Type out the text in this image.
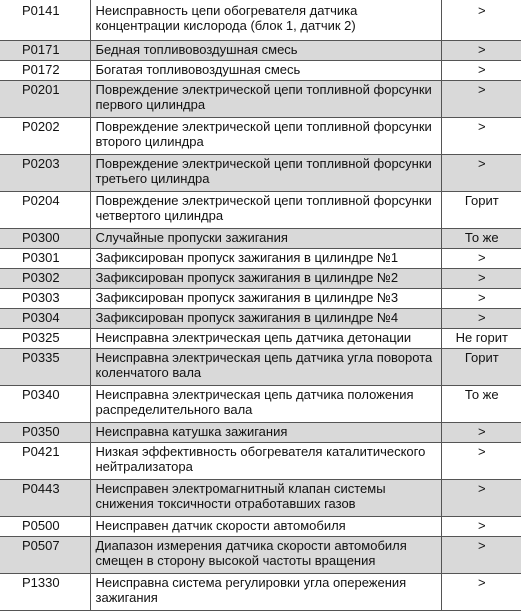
P0141	Неисправность цепи обогревателя датчика концентрации кислорода (блок 1, датчик 2)	>
P0171	Бедная топливовоздушная смесь	>
P0172	Богатая топливовоздушная смесь	>
P0201	Повреждение электрической цепи топливной форсунки первого цилиндра	>
P0202	Повреждение электрической цепи топливной форсунки второго цилиндра	>
P0203	Повреждение электрической цепи топливной форсунки третьего цилиндра	>
P0204	Повреждение электрической цепи топливной форсунки четвертого цилиндра	Горит
P0300	Случайные пропуски зажигания	То же
P0301	Зафиксирован пропуск зажигания в цилиндре №1	>
P0302	Зафиксирован пропуск зажигания в цилиндре №2	>
P0303	Зафиксирован пропуск зажигания в цилиндре №3	>
P0304	Зафиксирован пропуск зажигания в цилиндре №4	>
P0325	Неисправна электрическая цепь датчика детонации	Не горит
P0335	Неисправна электрическая цепь датчика угла поворота коленчатого вала	Горит
P0340	Неисправна электрическая цепь датчика положения распределительного вала	То же
P0350	Неисправна катушка зажигания	>
P0421	Низкая эффективность обогревателя каталитического нейтрализатора	>
P0443	Неисправен электромагнитный клапан системы снижения токсичности отработавших газов	>
P0500	Неисправен датчик скорости автомобиля	>
P0507	Диапазон измерения датчика скорости автомобиля смещен в сторону высокой частоты вращения	>
P1330	Неисправна система регулировки угла опережения зажигания	>
